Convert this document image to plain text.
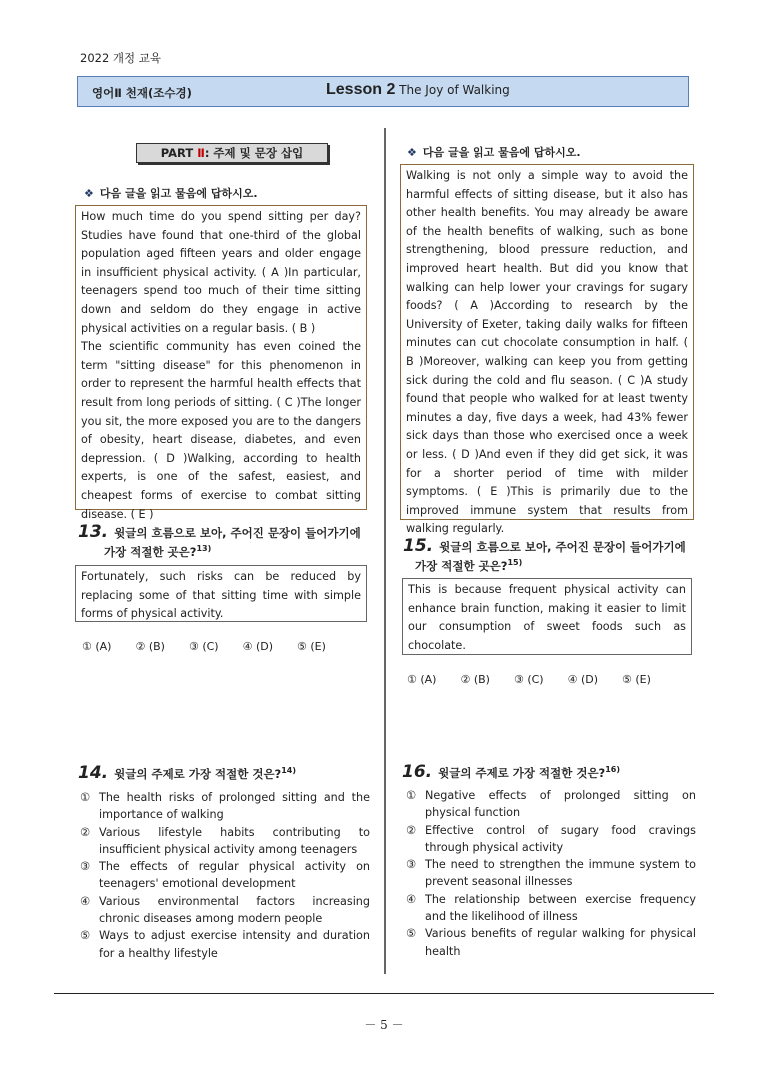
2022 개정 교육
영어Ⅱ 천재(조수경)	Lesson 2 The Joy of Walking
PART Ⅱ: 주제 및 문장 삽입
❖ 다음 글을 읽고 물음에 답하시오.
How much time do you spend sitting per day? Studies have found that one-third of the global population aged fifteen years and older engage in insufficient physical activity. ( A )In particular, teenagers spend too much of their time sitting down and seldom do they engage in active physical activities on a regular basis. ( B )
The scientific community has even coined the term "sitting disease" for this phenomenon in order to represent the harmful health effects that result from long periods of sitting. ( C )The longer you sit, the more exposed you are to the dangers of obesity, heart disease, diabetes, and even depression. ( D )Walking, according to health experts, is one of the safest, easiest, and cheapest forms of exercise to combat sitting disease. ( E )
13. 윗글의 흐름으로 보아, 주어진 문장이 들어가기에
가장 적절한 곳은?$^{13)}$
Fortunately, such risks can be reduced by replacing some of that sitting time with simple forms of physical activity.
① (A) ② (B) ③ (C) ④ (D) ⑤ (E)
14. 윗글의 주제로 가장 적절한 것은?$^{14)}$
① The health risks of prolonged sitting and the importance of walking
② Various lifestyle habits contributing to insufficient physical activity among teenagers
③ The effects of regular physical activity on teenagers' emotional development
④ Various environmental factors increasing chronic diseases among modern people
⑤ Ways to adjust exercise intensity and duration for a healthy lifestyle
❖ 다음 글을 읽고 물음에 답하시오.
Walking is not only a simple way to avoid the harmful effects of sitting disease, but it also has other health benefits. You may already be aware of the health benefits of walking, such as bone strengthening, blood pressure reduction, and improved heart health. But did you know that walking can help lower your cravings for sugary foods? ( A )According to research by the University of Exeter, taking daily walks for fifteen minutes can cut chocolate consumption in half. ( B )Moreover, walking can keep you from getting sick during the cold and flu season. ( C )A study found that people who walked for at least twenty minutes a day, five days a week, had 43% fewer sick days than those who exercised once a week or less. ( D )And even if they did get sick, it was for a shorter period of time with milder symptoms. ( E )This is primarily due to the improved immune system that results from walking regularly.
15. 윗글의 흐름으로 보아, 주어진 문장이 들어가기에
가장 적절한 곳은?$^{15)}$
This is because frequent physical activity can enhance brain function, making it easier to limit our consumption of sweet foods such as chocolate.
① (A) ② (B) ③ (C) ④ (D) ⑤ (E)
16. 윗글의 주제로 가장 적절한 것은?$^{16)}$
① Negative effects of prolonged sitting on physical function
② Effective control of sugary food cravings through physical activity
③ The need to strengthen the immune system to prevent seasonal illnesses
④ The relationship between exercise frequency and the likelihood of illness
⑤ Various benefits of regular walking for physical health
－ 5 －
